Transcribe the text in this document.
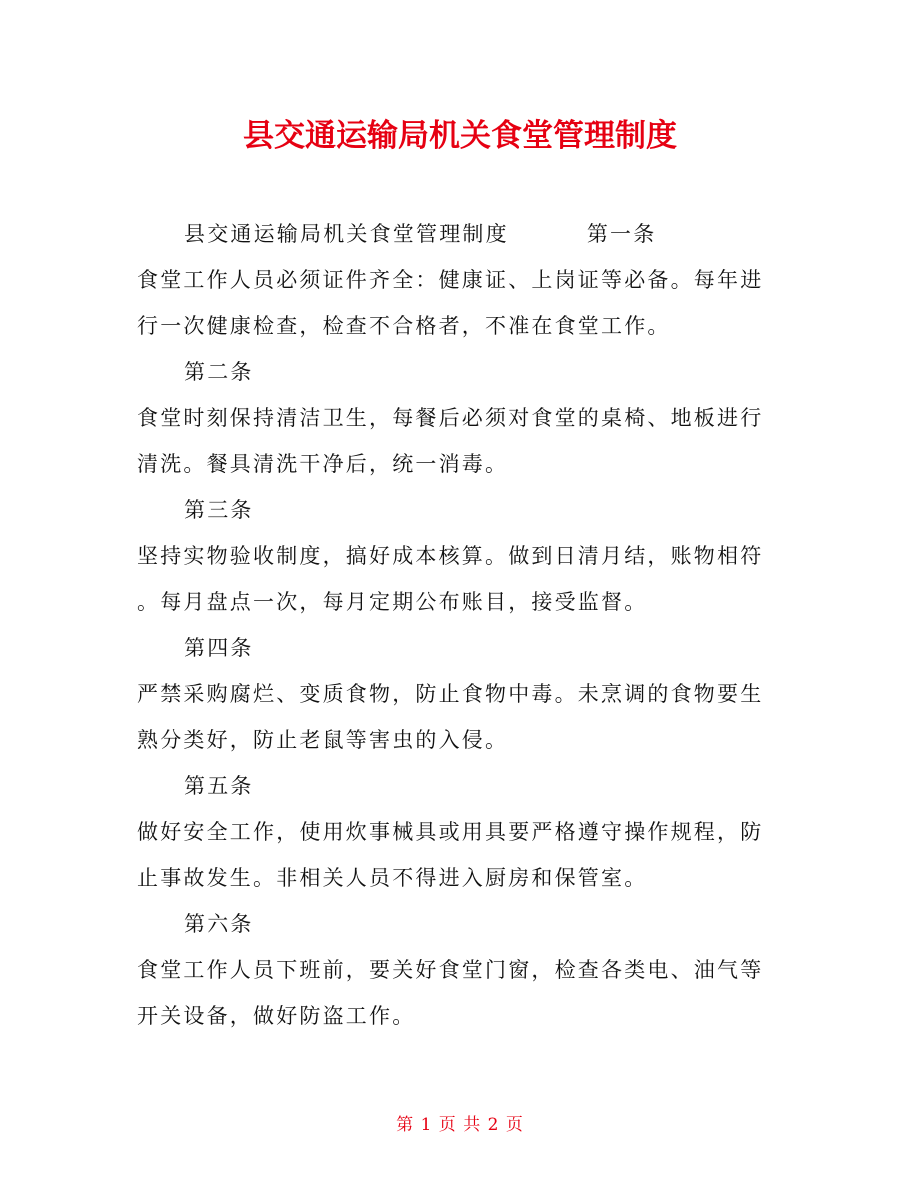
县交通运输局机关食堂管理制度

县交通运输局机关食堂管理制度	第一条

食堂工作人员必须证件齐全：健康证、上岗证等必备。每年进

行一次健康检查，检查不合格者，不准在食堂工作。

第二条

食堂时刻保持清洁卫生，每餐后必须对食堂的桌椅、地板进行

清洗。餐具清洗干净后，统一消毒。

第三条

坚持实物验收制度，搞好成本核算。做到日清月结，账物相符

。每月盘点一次，每月定期公布账目，接受监督。

第四条

严禁采购腐烂、变质食物，防止食物中毒。未烹调的食物要生

熟分类好，防止老鼠等害虫的入侵。

第五条

做好安全工作，使用炊事械具或用具要严格遵守操作规程，防

止事故发生。非相关人员不得进入厨房和保管室。

第六条

食堂工作人员下班前，要关好食堂门窗，检查各类电、油气等

开关设备，做好防盗工作。

第 1 页 共 2 页
